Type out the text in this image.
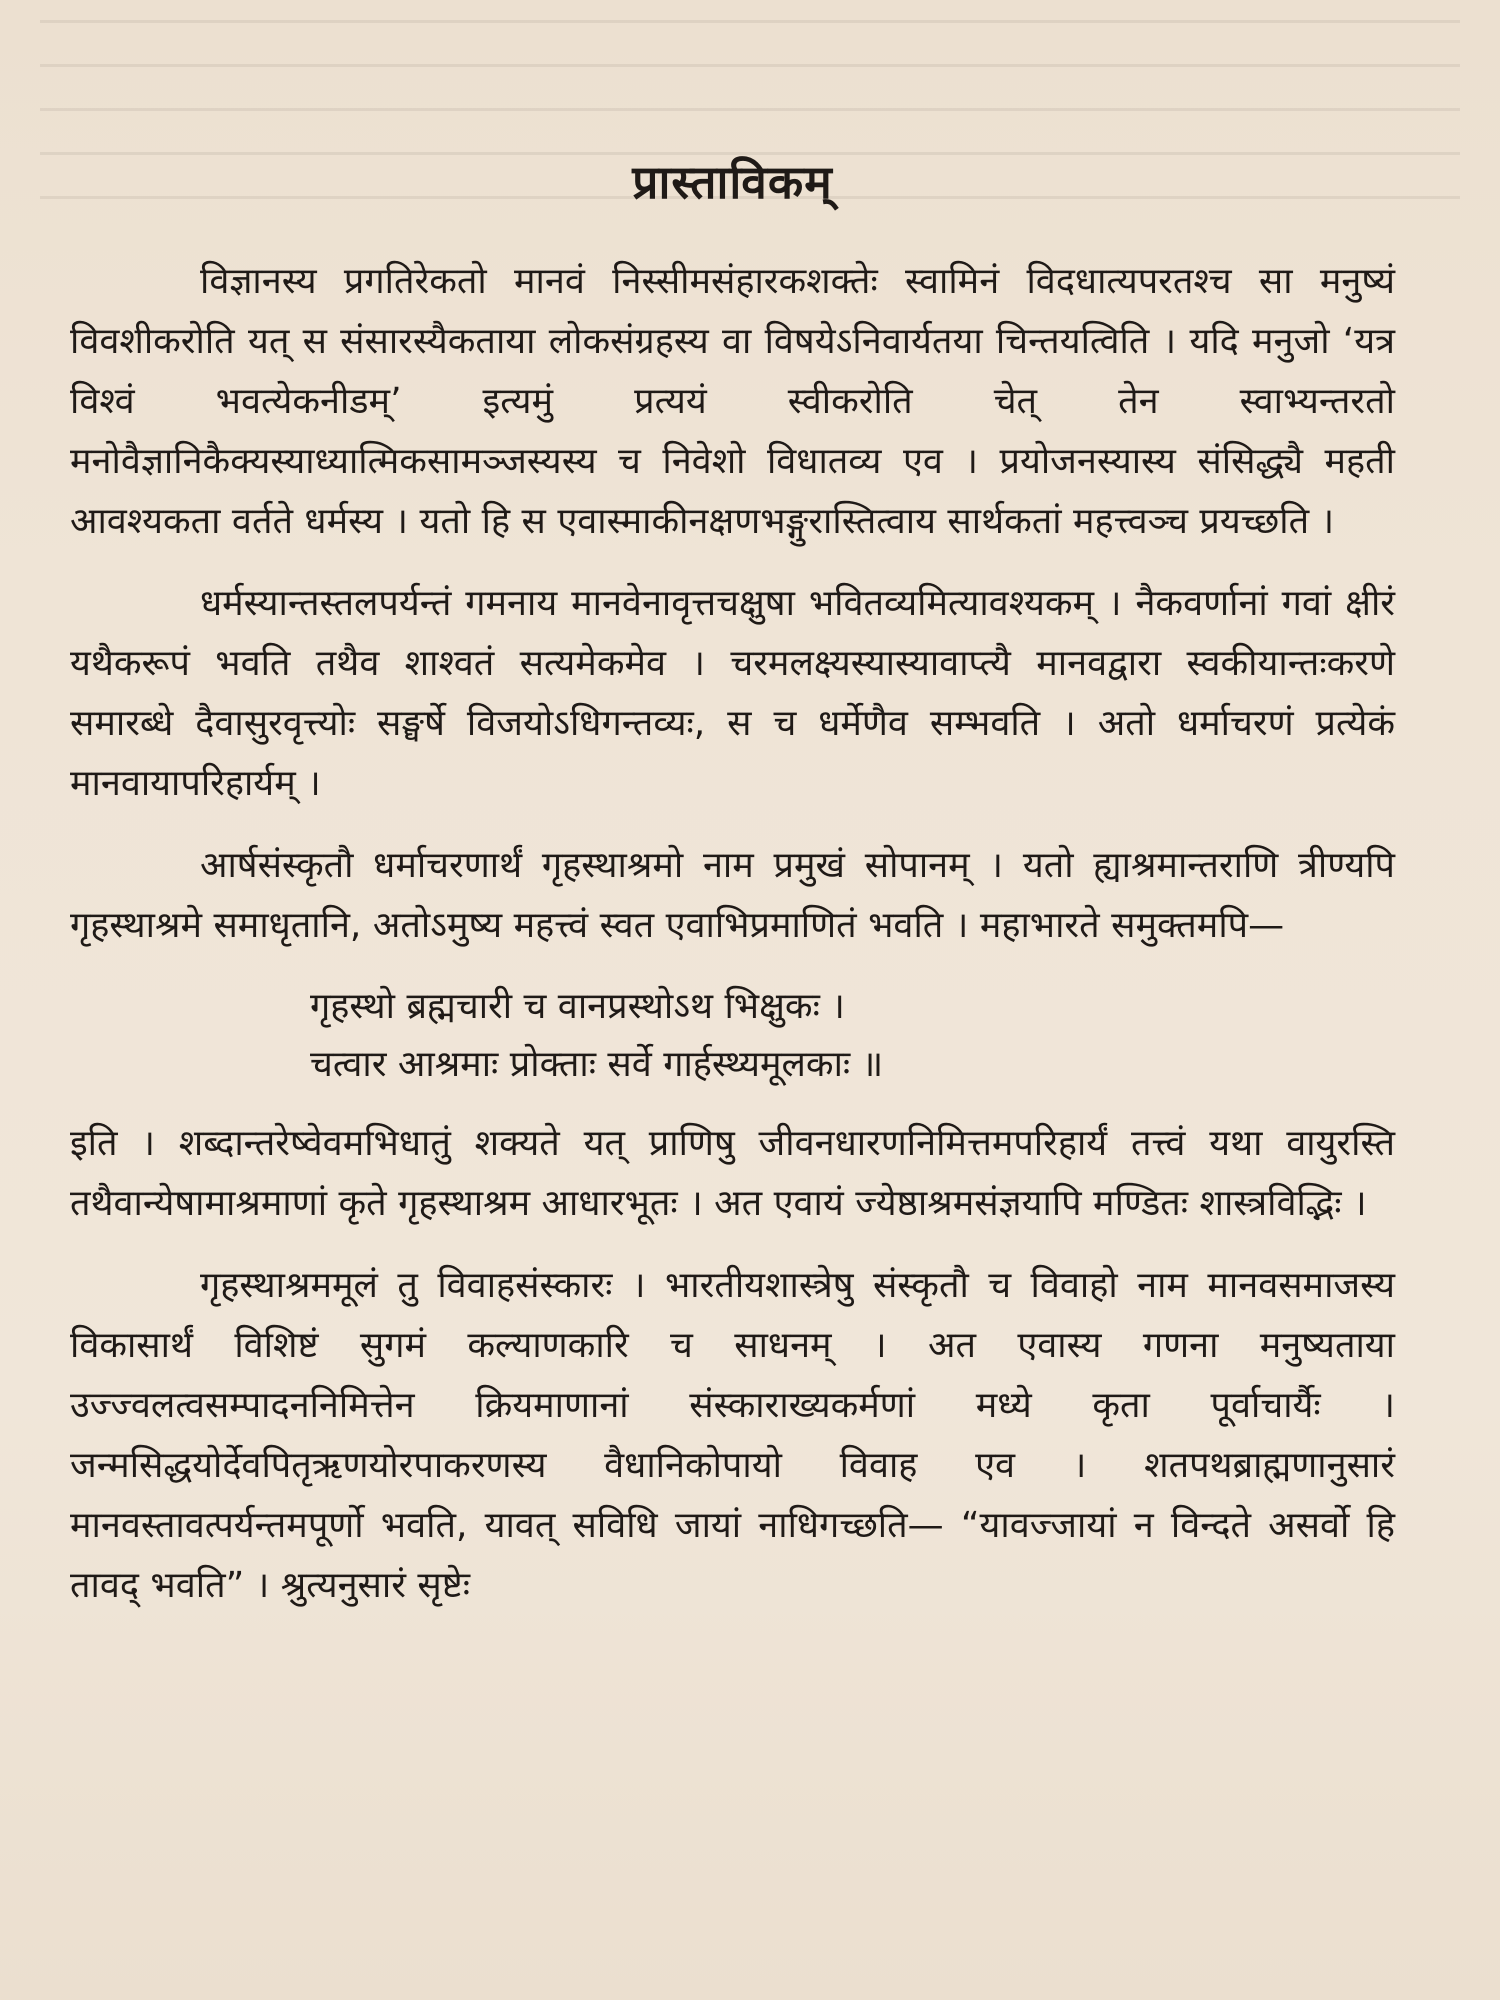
प्रास्ताविकम्

विज्ञानस्य प्रगतिरेकतो मानवं निस्सीमसंहारकशक्तेः स्वामिनं विदधात्यपरतश्च सा मनुष्यं विवशीकरोति यत् स संसारस्यैकताया लोकसंग्रहस्य वा विषयेऽनिवार्यतया चिन्तयत्विति । यदि मनुजो ‘यत्र विश्वं भवत्येकनीडम्’ इत्यमुं प्रत्ययं स्वीकरोति चेत् तेन स्वाभ्यन्तरतो मनोवैज्ञानिकैक्यस्याध्यात्मिकसामञ्जस्यस्य च निवेशो विधातव्य एव । प्रयोजनस्यास्य संसिद्ध्यै महती आवश्यकता वर्तते धर्मस्य । यतो हि स एवास्माकीनक्षणभङ्गुरास्तित्वाय सार्थकतां महत्त्वञ्च प्रयच्छति ।

धर्मस्यान्तस्तलपर्यन्तं गमनाय मानवेनावृत्तचक्षुषा भवितव्यमित्यावश्यकम् । नैकवर्णानां गवां क्षीरं यथैकरूपं भवति तथैव शाश्वतं सत्यमेकमेव । चरमलक्ष्यस्यास्यावाप्त्यै मानवद्वारा स्वकीयान्तःकरणे समारब्धे दैवासुरवृत्त्योः सङ्घर्षे विजयोऽधिगन्तव्यः, स च धर्मेणैव सम्भवति । अतो धर्माचरणं प्रत्येकं मानवायापरिहार्यम् ।

आर्षसंस्कृतौ धर्माचरणार्थं गृहस्थाश्रमो नाम प्रमुखं सोपानम् । यतो ह्याश्रमान्तराणि त्रीण्यपि गृहस्थाश्रमे समाधृतानि, अतोऽमुष्य महत्त्वं स्वत एवाभिप्रमाणितं भवति । महाभारते समुक्तमपि—

गृहस्थो ब्रह्मचारी च वानप्रस्थोऽथ भिक्षुकः ।
चत्वार आश्रमाः प्रोक्ताः सर्वे गार्हस्थ्यमूलकाः ॥

इति । शब्दान्तरेष्वेवमभिधातुं शक्यते यत् प्राणिषु जीवनधारणनिमित्तमपरिहार्यं तत्त्वं यथा वायुरस्ति तथैवान्येषामाश्रमाणां कृते गृहस्थाश्रम आधारभूतः । अत एवायं ज्येष्ठाश्रमसंज्ञयापि मण्डितः शास्त्रविद्भिः ।

गृहस्थाश्रममूलं तु विवाहसंस्कारः । भारतीयशास्त्रेषु संस्कृतौ च विवाहो नाम मानवसमाजस्य विकासार्थं विशिष्टं सुगमं कल्याणकारि च साधनम् । अत एवास्य गणना मनुष्यताया उज्ज्वलत्वसम्पादननिमित्तेन क्रियमाणानां संस्काराख्यकर्मणां मध्ये कृता पूर्वाचार्यैः । जन्मसिद्धयोर्देवपितृऋणयोरपाकरणस्य वैधानिकोपायो विवाह एव । शतपथब्राह्मणानुसारं मानवस्तावत्पर्यन्तमपूर्णो भवति, यावत् सविधि जायां नाधिगच्छति— “यावज्जायां न विन्दते असर्वो हि तावद् भवति” । श्रुत्यनुसारं सृष्टेः
